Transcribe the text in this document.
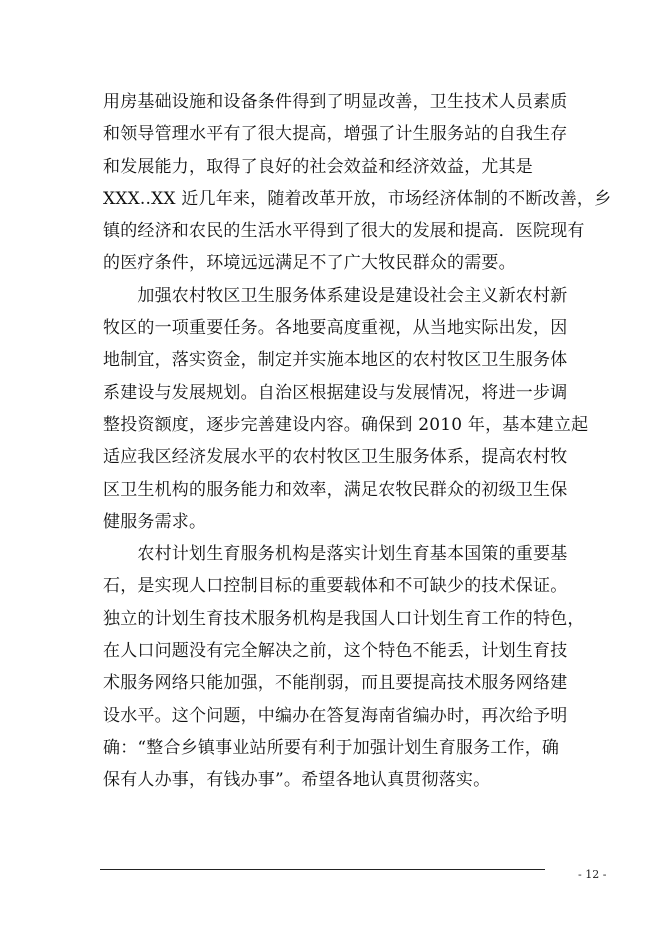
用房基础设施和设备条件得到了明显改善，卫生技术人员素质
和领导管理水平有了很大提高，增强了计生服务站的自我生存
和发展能力，取得了良好的社会效益和经济效益，尤其是
XXX..XX 近几年来，随着改革开放，市场经济体制的不断改善，乡
镇的经济和农民的生活水平得到了很大的发展和提高．医院现有
的医疗条件，环境远远满足不了广大牧民群众的需要。
　　加强农村牧区卫生服务体系建设是建设社会主义新农村新
牧区的一项重要任务。各地要高度重视，从当地实际出发，因
地制宜，落实资金，制定并实施本地区的农村牧区卫生服务体
系建设与发展规划。自治区根据建设与发展情况，将进一步调
整投资额度，逐步完善建设内容。确保到 2010 年，基本建立起
适应我区经济发展水平的农村牧区卫生服务体系，提高农村牧
区卫生机构的服务能力和效率，满足农牧民群众的初级卫生保
健服务需求。
　　农村计划生育服务机构是落实计划生育基本国策的重要基
石，是实现人口控制目标的重要载体和不可缺少的技术保证。
独立的计划生育技术服务机构是我国人口计划生育工作的特色，
在人口问题没有完全解决之前，这个特色不能丢，计划生育技
术服务网络只能加强，不能削弱，而且要提高技术服务网络建
设水平。这个问题，中编办在答复海南省编办时，再次给予明
确：“整合乡镇事业站所要有利于加强计划生育服务工作，确
保有人办事，有钱办事”。希望各地认真贯彻落实。
- 12 -
